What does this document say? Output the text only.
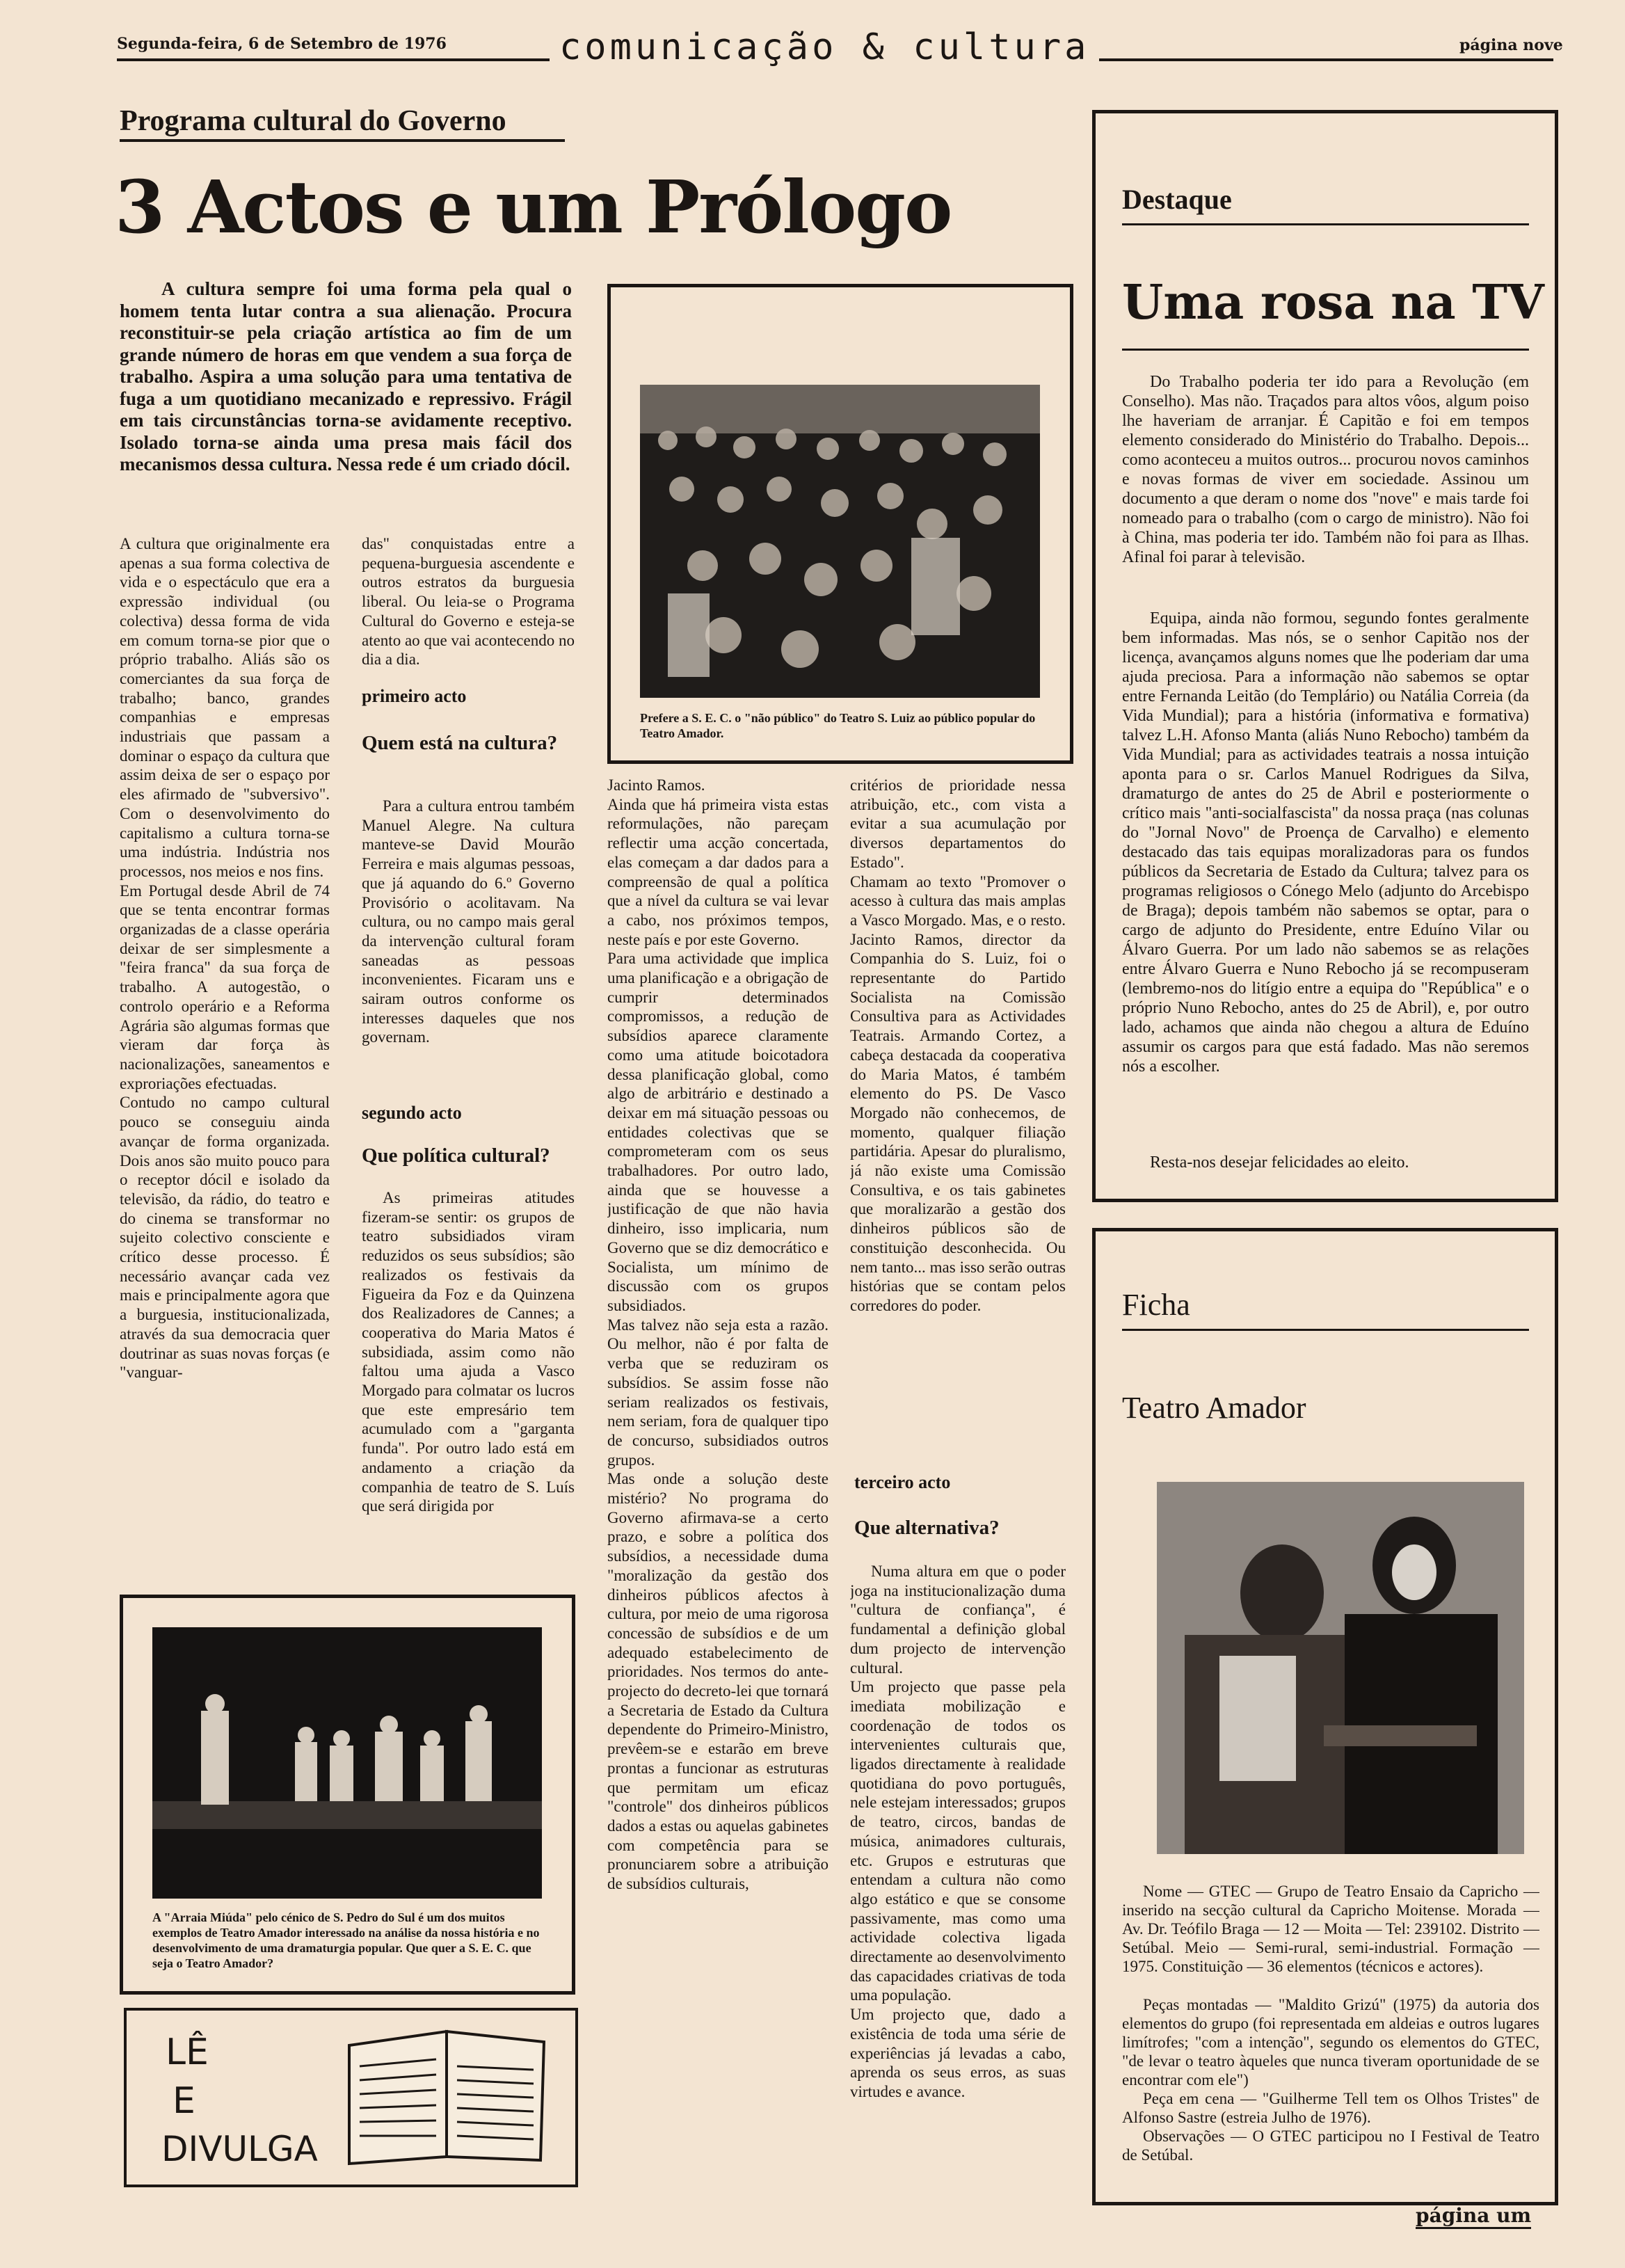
Segunda-feira, 6 de Setembro de 1976	comunicação & cultura	página nove
Programa cultural do Governo
3 Actos e um Prólogo
A cultura sempre foi uma forma pela qual o homem tenta lutar contra a sua alienação. Procura reconstituir-se pela criação artística ao fim de um grande número de horas em que vendem a sua força de trabalho. Aspira a uma solução para uma tentativa de fuga a um quotidiano mecanizado e repressivo. Frágil em tais circunstâncias torna-se avidamente receptivo. Isolado torna-se ainda uma presa mais fácil dos mecanismos dessa cultura. Nessa rede é um criado dócil.
A cultura que originalmente era apenas a sua forma colectiva de vida e o espectáculo que era a expressão individual (ou colectiva) dessa forma de vida em comum torna-se pior que o próprio trabalho. Aliás são os comerciantes da sua força de trabalho; banco, grandes companhias e empresas industriais que passam a dominar o espaço da cultura que assim deixa de ser o espaço por eles afirmado de "subversivo". Com o desenvolvimento do capitalismo a cultura torna-se uma indústria. Indústria nos processos, nos meios e nos fins.
Em Portugal desde Abril de 74 que se tenta encontrar formas organizadas de a classe operária deixar de ser simplesmente a "feira franca" da sua força de trabalho. A autogestão, o controlo operário e a Reforma Agrária são algumas formas que vieram dar força às nacionalizações, saneamentos e exproriações efectuadas.
Contudo no campo cultural pouco se conseguiu ainda avançar de forma organizada. Dois anos são muito pouco para o receptor dócil e isolado da televisão, da rádio, do teatro e do cinema se transformar no sujeito colectivo consciente e crítico desse processo. É necessário avançar cada vez mais e principalmente agora que a burguesia, institucionalizada, através da sua democracia quer doutrinar as suas novas forças (e "vanguar-
das" conquistadas entre a pequena-burguesia ascendente e outros estratos da burguesia liberal. Ou leia-se o Programa Cultural do Governo e esteja-se atento ao que vai acontecendo no dia a dia.
primeiro acto
Quem está na cultura?
Para a cultura entrou também Manuel Alegre. Na cultura manteve-se David Mourão Ferreira e mais algumas pessoas, que já aquando do 6.º Governo Provisório o acolitavam. Na cultura, ou no campo mais geral da intervenção cultural foram saneadas as pessoas inconvenientes. Ficaram uns e sairam outros conforme os interesses daqueles que nos governam.
segundo acto
Que política cultural?
As primeiras atitudes fizeram-se sentir: os grupos de teatro subsidiados viram reduzidos os seus subsídios; são realizados os festivais da Figueira da Foz e da Quinzena dos Realizadores de Cannes; a cooperativa do Maria Matos é subsidiada, assim como não faltou uma ajuda a Vasco Morgado para colmatar os lucros que este empresário tem acumulado com a "garganta funda". Por outro lado está em andamento a criação da companhia de teatro de S. Luís que será dirigida por
Prefere a S. E. C. o "não público" do Teatro S. Luiz ao público popular do Teatro Amador.
Jacinto Ramos.
Ainda que há primeira vista estas reformulações, não pareçam reflectir uma acção concertada, elas começam a dar dados para a compreensão de qual a política que a nível da cultura se vai levar a cabo, nos próximos tempos, neste país e por este Governo.
Para uma actividade que implica uma planificação e a obrigação de cumprir determinados compromissos, a redução de subsídios aparece claramente como uma atitude boicotadora dessa planificação global, como algo de arbitrário e destinado a deixar em má situação pessoas ou entidades colectivas que se comprometeram com os seus trabalhadores. Por outro lado, ainda que se houvesse a justificação de que não havia dinheiro, isso implicaria, num Governo que se diz democrático e Socialista, um mínimo de discussão com os grupos subsidiados.
Mas talvez não seja esta a razão. Ou melhor, não é por falta de verba que se reduziram os subsídios. Se assim fosse não seriam realizados os festivais, nem seriam, fora de qualquer tipo de concurso, subsidiados outros grupos.
Mas onde a solução deste mistério? No programa do Governo afirmava-se a certo prazo, e sobre a política dos subsídios, a necessidade duma "moralização da gestão dos dinheiros públicos afectos à cultura, por meio de uma rigorosa concessão de subsídios e de um adequado estabelecimento de prioridades. Nos termos do ante-projecto do decreto-lei que tornará a Secretaria de Estado da Cultura dependente do Primeiro-Ministro, prevêem-se e estarão em breve prontas a funcionar as estruturas que permitam um eficaz "controle" dos dinheiros públicos dados a estas ou aquelas gabinetes com competência para se pronunciarem sobre a atribuição de subsídios culturais,
critérios de prioridade nessa atribuição, etc., com vista a evitar a sua acumulação por diversos departamentos do Estado".
Chamam ao texto "Promover o acesso à cultura das mais amplas a Vasco Morgado. Mas, e o resto. Jacinto Ramos, director da Companhia do S. Luiz, foi o representante do Partido Socialista na Comissão Consultiva para as Actividades Teatrais. Armando Cortez, a cabeça destacada da cooperativa do Maria Matos, é também elemento do PS. De Vasco Morgado não conhecemos, de momento, qualquer filiação partidária. Apesar do pluralismo, já não existe uma Comissão Consultiva, e os tais gabinetes que moralizarão a gestão dos dinheiros públicos são de constituição desconhecida. Ou nem tanto... mas isso serão outras histórias que se contam pelos corredores do poder.
terceiro acto
Que alternativa?
Numa altura em que o poder joga na institucionalização duma "cultura de confiança", é fundamental a definição global dum projecto de intervenção cultural.
Um projecto que passe pela imediata mobilização e coordenação de todos os intervenientes culturais que, ligados directamente à realidade quotidiana do povo português, nele estejam interessados; grupos de teatro, circos, bandas de música, animadores culturais, etc. Grupos e estruturas que entendam a cultura não como algo estático e que se consome passivamente, mas como uma actividade colectiva ligada directamente ao desenvolvimento das capacidades criativas de toda uma população.
Um projecto que, dado a existência de toda uma série de experiências já levadas a cabo, aprenda os seus erros, as suas virtudes e avance.
A "Arraia Miúda" pelo cénico de S. Pedro do Sul é um dos muitos exemplos de Teatro Amador interessado na análise da nossa história e no desenvolvimento de uma dramaturgia popular. Que quer a S. E. C. que seja o Teatro Amador?
LÊ
E
DIVULGA
Destaque
Uma rosa na TV
Do Trabalho poderia ter ido para a Revolução (em Conselho). Mas não. Traçados para altos vôos, algum poiso lhe haveriam de arranjar. É Capitão e foi em tempos elemento considerado do Ministério do Trabalho. Depois... como aconteceu a muitos outros... procurou novos caminhos e novas formas de viver em sociedade. Assinou um documento a que deram o nome dos "nove" e mais tarde foi nomeado para o trabalho (com o cargo de ministro). Não foi à China, mas poderia ter ido. Também não foi para as Ilhas. Afinal foi parar à televisão.
Equipa, ainda não formou, segundo fontes geralmente bem informadas. Mas nós, se o senhor Capitão nos der licença, avançamos alguns nomes que lhe poderiam dar uma ajuda preciosa. Para a informação não sabemos se optar entre Fernanda Leitão (do Templário) ou Natália Correia (da Vida Mundial); para a história (informativa e formativa) talvez L.H. Afonso Manta (aliás Nuno Rebocho) também da Vida Mundial; para as actividades teatrais a nossa intuição aponta para o sr. Carlos Manuel Rodrigues da Silva, dramaturgo de antes do 25 de Abril e posteriormente o crítico mais "anti-socialfascista" da nossa praça (nas colunas do "Jornal Novo" de Proença de Carvalho) e elemento destacado das tais equipas moralizadoras para os fundos públicos da Secretaria de Estado da Cultura; talvez para os programas religiosos o Cónego Melo (adjunto do Arcebispo de Braga); depois também não sabemos se optar, para o cargo de adjunto do Presidente, entre Eduíno Vilar ou Álvaro Guerra. Por um lado não sabemos se as relações entre Álvaro Guerra e Nuno Rebocho já se recompuseram (lembremo-nos do litígio entre a equipa do "República" e o próprio Nuno Rebocho, antes do 25 de Abril), e, por outro lado, achamos que ainda não chegou a altura de Eduíno assumir os cargos para que está fadado. Mas não seremos nós a escolher.
Resta-nos desejar felicidades ao eleito.
Ficha
Teatro Amador
Nome — GTEC — Grupo de Teatro Ensaio da Capricho — inserido na secção cultural da Capricho Moitense. Morada — Av. Dr. Teófilo Braga — 12 — Moita — Tel: 239102. Distrito — Setúbal. Meio — Semi-rural, semi-industrial. Formação — 1975. Constituição — 36 elementos (técnicos e actores).
Peças montadas — "Maldito Grizú" (1975) da autoria dos elementos do grupo (foi representada em aldeias e outros lugares limítrofes; "com a intenção", segundo os elementos do GTEC, "de levar o teatro àqueles que nunca tiveram oportunidade de se encontrar com ele")
Peça em cena — "Guilherme Tell tem os Olhos Tristes" de Alfonso Sastre (estreia Julho de 1976).
Observações — O GTEC participou no I Festival de Teatro de Setúbal.
página um
